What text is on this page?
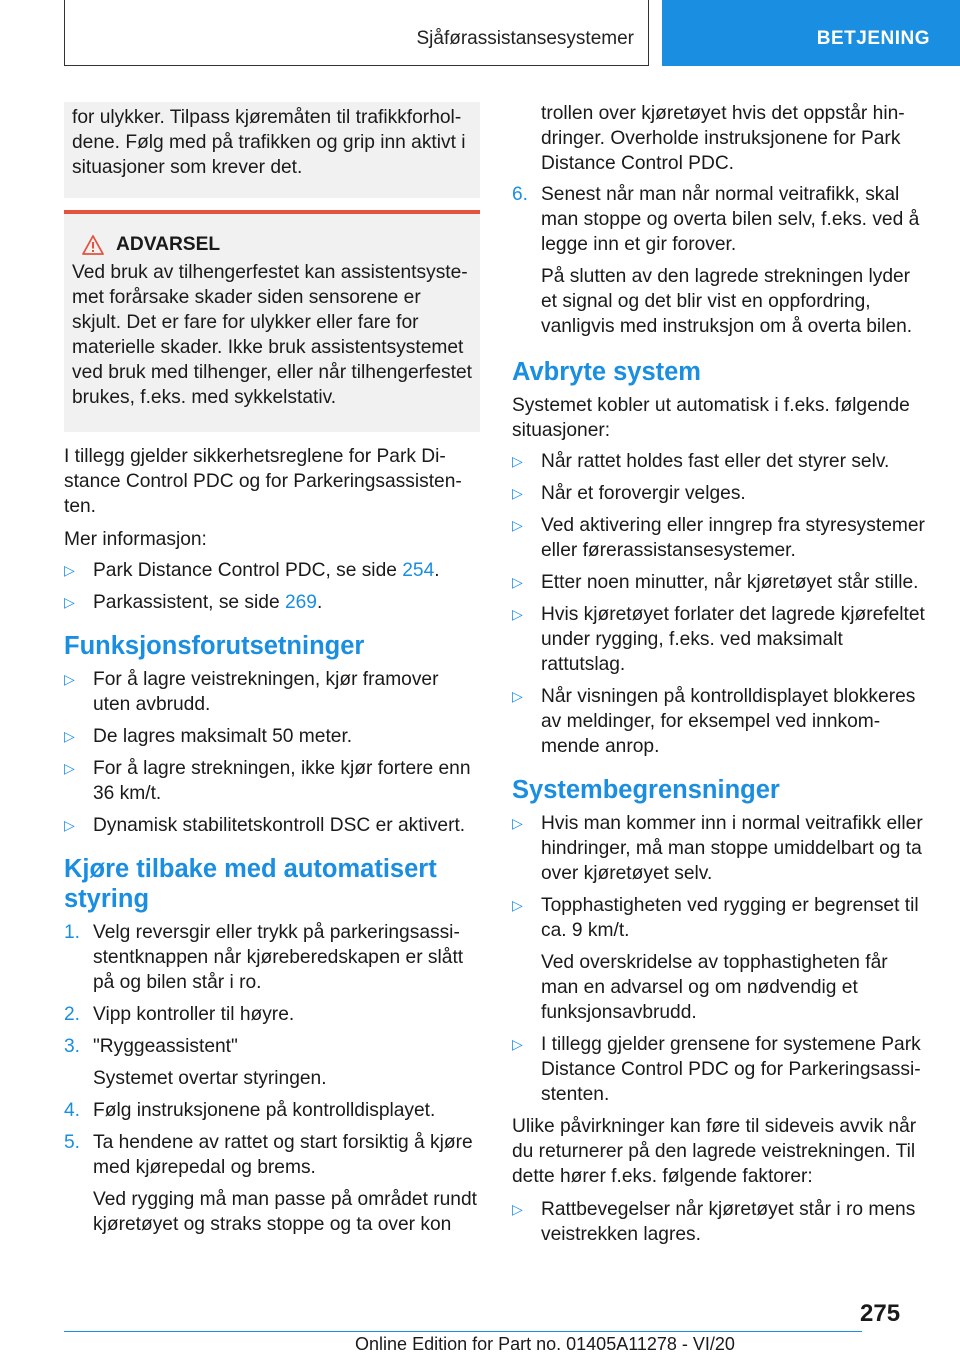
Sjåførassistansesystemer	BETJENING

for ulykker. Tilpass kjøremåten til trafikkforholdene. Følg med på trafikken og grip inn aktivt i situasjoner som krever det.

ADVARSEL

Ved bruk av tilhengerfestet kan assistentsystemet forårsake skader siden sensorene er skjult. Det er fare for ulykker eller fare for materielle skader. Ikke bruk assistentsystemet ved bruk med tilhenger, eller når tilhengerfestet brukes, f.eks. med sykkelstativ.

I tillegg gjelder sikkerhetsreglene for Park Distance Control PDC og for Parkeringsassistenten.

Mer informasjon:

▷ Park Distance Control PDC, se side 254.
▷ Parkassistent, se side 269.
Funksjonsforutsetninger
▷ For å lagre veistrekningen, kjør framover uten avbrudd.
▷ De lagres maksimalt 50 meter.
▷ For å lagre strekningen, ikke kjør fortere enn 36 km/t.
▷ Dynamisk stabilitetskontroll DSC er aktivert.
Kjøre tilbake med automatisert styring
1. Velg reversgir eller trykk på parkeringsassistentknappen når kjøreberedskapen er slått på og bilen står i ro.
2. Vipp kontroller til høyre.
3. "Ryggeassistent"

Systemet overtar styringen.

4. Følg instruksjonene på kontrolldisplayet.
5. Ta hendene av rattet og start forsiktig å kjøre med kjørepedal og brems.

Ved rygging må man passe på området rundt kjøretøyet og straks stoppe og ta over kon

trollen over kjøretøyet hvis det oppstår hindringer. Overholde instruksjonene for Park Distance Control PDC.

6. Senest når man når normal veitrafikk, skal man stoppe og overta bilen selv, f.eks. ved å legge inn et gir forover.

På slutten av den lagrede strekningen lyder et signal og det blir vist en oppfordring, vanligvis med instruksjon om å overta bilen.

Avbryte system

Systemet kobler ut automatisk i f.eks. følgende situasjoner:

▷ Når rattet holdes fast eller det styrer selv.
▷ Når et forovergir velges.
▷ Ved aktivering eller inngrep fra styresystemer eller førerassistansesystemer.
▷ Etter noen minutter, når kjøretøyet står stille.
▷ Hvis kjøretøyet forlater det lagrede kjørefeltet under rygging, f.eks. ved maksimalt rattutslag.
▷ Når visningen på kontrolldisplayet blokkeres av meldinger, for eksempel ved innkommende anrop.
Systembegrensninger
▷ Hvis man kommer inn i normal veitrafikk eller hindringer, må man stoppe umiddelbart og ta over kjøretøyet selv.
▷ Topphastigheten ved rygging er begrenset til ca. 9 km/t.

Ved overskridelse av topphastigheten får man en advarsel og om nødvendig et funksjonsavbrudd.

▷ I tillegg gjelder grensene for systemene Park Distance Control PDC og for Parkeringsassistenten.

Ulike påvirkninger kan føre til sideveis avvik når du returnerer på den lagrede veistrekningen. Til dette hører f.eks. følgende faktorer:

▷ Rattbevegelser når kjøretøyet står i ro mens veistrekken lagres.
275
Online Edition for Part no. 01405A11278 - VI/20
